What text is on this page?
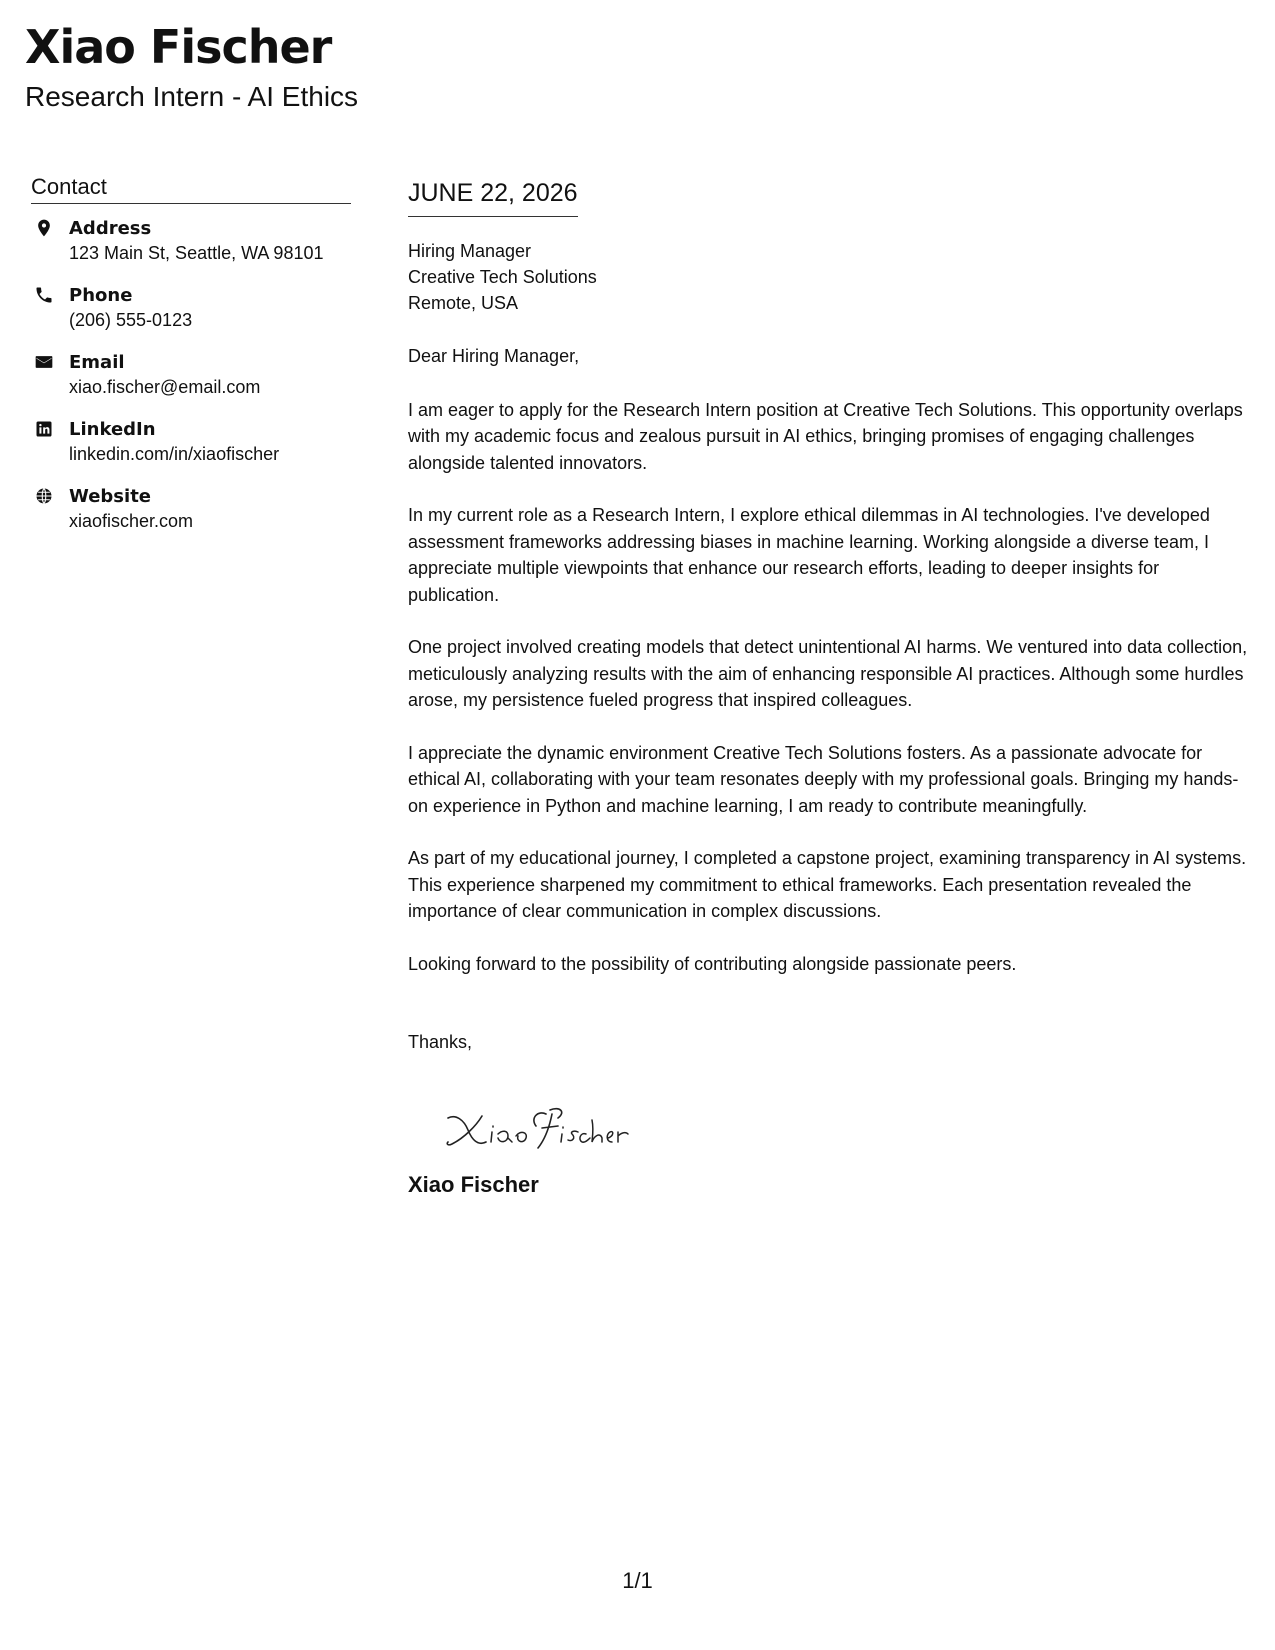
Xiao Fischer
Research Intern - AI Ethics
Contact
Address
123 Main St, Seattle, WA 98101
Phone
(206) 555-0123
Email
xiao.fischer@email.com
LinkedIn
linkedin.com/in/xiaofischer
Website
xiaofischer.com
JUNE 22, 2026
Hiring Manager
Creative Tech Solutions
Remote, USA

Dear Hiring Manager,

I am eager to apply for the Research Intern position at Creative Tech Solutions. This opportunity overlaps with my academic focus and zealous pursuit in AI ethics, bringing promises of engaging challenges alongside talented innovators.

In my current role as a Research Intern, I explore ethical dilemmas in AI technologies. I've developed assessment frameworks addressing biases in machine learning. Working alongside a diverse team, I appreciate multiple viewpoints that enhance our research efforts, leading to deeper insights for publication.

One project involved creating models that detect unintentional AI harms. We ventured into data collection, meticulously analyzing results with the aim of enhancing responsible AI practices. Although some hurdles arose, my persistence fueled progress that inspired colleagues.

I appreciate the dynamic environment Creative Tech Solutions fosters. As a passionate advocate for ethical AI, collaborating with your team resonates deeply with my professional goals. Bringing my hands-on experience in Python and machine learning, I am ready to contribute meaningfully.

As part of my educational journey, I completed a capstone project, examining transparency in AI systems. This experience sharpened my commitment to ethical frameworks. Each presentation revealed the importance of clear communication in complex discussions.

Looking forward to the possibility of contributing alongside passionate peers.

Thanks,
Xiao Fischer
1/1
